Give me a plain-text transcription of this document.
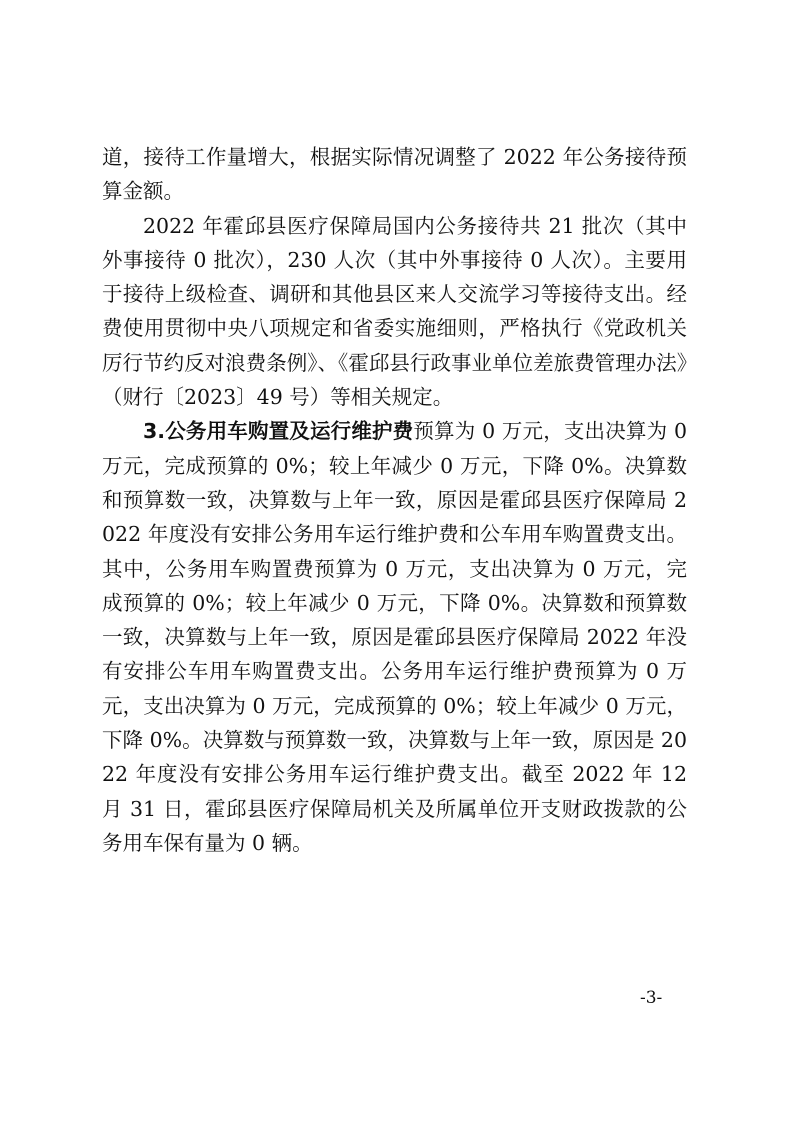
道，接待工作量增大，根据实际情况调整了 2022 年公务接待预算金额。

2022 年霍邱县医疗保障局国内公务接待共 21 批次（其中外事接待 0 批次），230 人次（其中外事接待 0 人次）。主要用于接待上级检查、调研和其他县区来人交流学习等接待支出。经费使用贯彻中央八项规定和省委实施细则，严格执行《党政机关厉行节约反对浪费条例》、《霍邱县行政事业单位差旅费管理办法》（财行〔2023〕49 号）等相关规定。

3.公务用车购置及运行维护费预算为 0 万元，支出决算为 0 万元，完成预算的 0%；较上年减少 0 万元，下降 0%。决算数和预算数一致，决算数与上年一致，原因是霍邱县医疗保障局 2022 年度没有安排公务用车运行维护费和公车用车购置费支出。其中，公务用车购置费预算为 0 万元，支出决算为 0 万元，完成预算的 0%；较上年减少 0 万元，下降 0%。决算数和预算数一致，决算数与上年一致，原因是霍邱县医疗保障局 2022 年没有安排公车用车购置费支出。公务用车运行维护费预算为 0 万元，支出决算为 0 万元，完成预算的 0%；较上年减少 0 万元，下降 0%。决算数与预算数一致，决算数与上年一致，原因是 2022 年度没有安排公务用车运行维护费支出。截至 2022 年 12 月 31 日，霍邱县医疗保障局机关及所属单位开支财政拨款的公务用车保有量为 0 辆。

-3-
